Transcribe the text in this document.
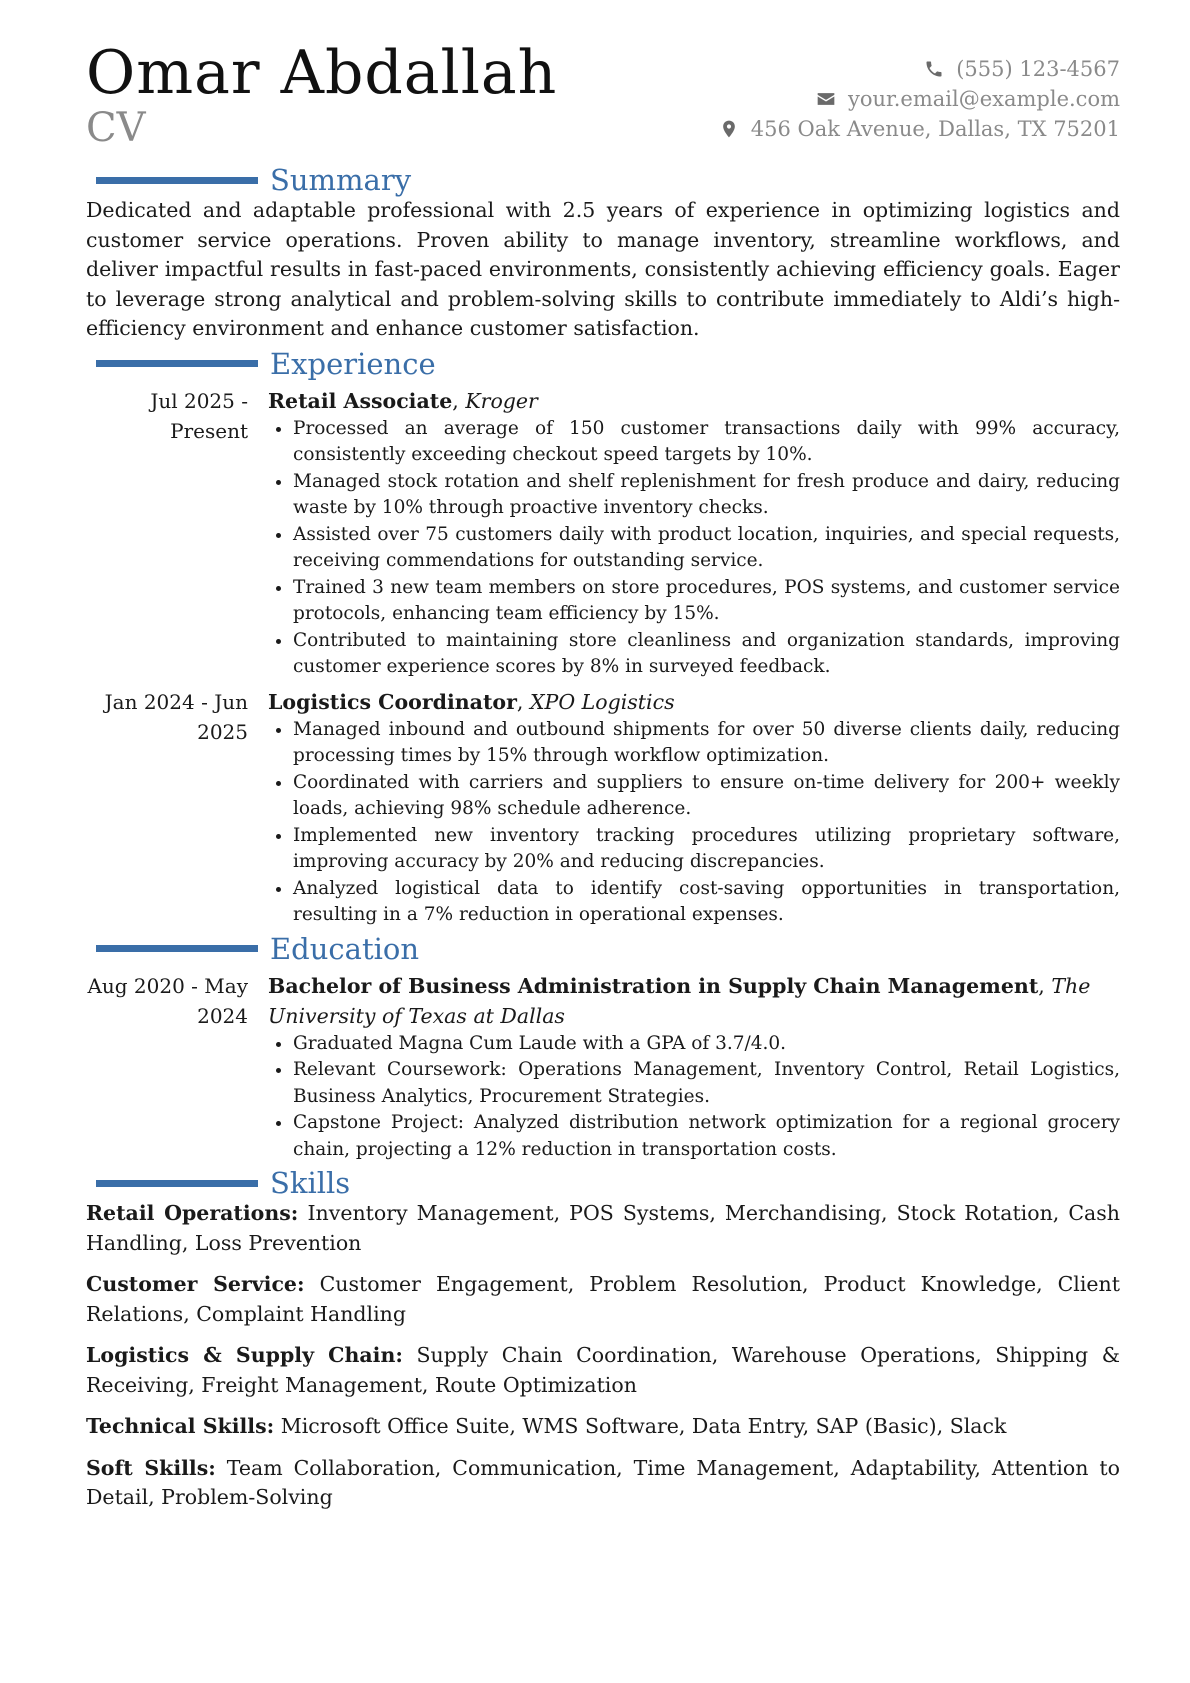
Omar Abdallah
CV
(555) 123-4567
your.email@example.com
456 Oak Avenue, Dallas, TX 75201
Summary

Dedicated and adaptable professional with 2.5 years of experience in optimizing logistics and customer service operations. Proven ability to manage inventory, streamline workflows, and deliver impactful results in fast-paced environments, consistently achieving efficiency goals. Eager to leverage strong analytical and problem-solving skills to contribute immediately to Aldi’s high-efficiency environment and enhance customer satisfaction.

Experience
Jul 2025 - Present
Retail Associate, Kroger
• Processed an average of 150 customer transactions daily with 99% accuracy, consistently exceeding checkout speed targets by 10%.
• Managed stock rotation and shelf replenishment for fresh produce and dairy, reducing waste by 10% through proactive inventory checks.
• Assisted over 75 customers daily with product location, inquiries, and special requests, receiving commendations for outstanding service.
• Trained 3 new team members on store procedures, POS systems, and customer service protocols, enhancing team efficiency by 15%.
• Contributed to maintaining store cleanliness and organization standards, improving customer experience scores by 8% in surveyed feedback.
Jan 2024 - Jun 2025
Logistics Coordinator, XPO Logistics
• Managed inbound and outbound shipments for over 50 diverse clients daily, reducing processing times by 15% through workflow optimization.
• Coordinated with carriers and suppliers to ensure on-time delivery for 200+ weekly loads, achieving 98% schedule adherence.
• Implemented new inventory tracking procedures utilizing proprietary software, improving accuracy by 20% and reducing discrepancies.
• Analyzed logistical data to identify cost-saving opportunities in transportation, resulting in a 7% reduction in operational expenses.
Education
Aug 2020 - May 2024
Bachelor of Business Administration in Supply Chain Management, The University of Texas at Dallas
• Graduated Magna Cum Laude with a GPA of 3.7/4.0.
• Relevant Coursework: Operations Management, Inventory Control, Retail Logistics, Business Analytics, Procurement Strategies.
• Capstone Project: Analyzed distribution network optimization for a regional grocery chain, projecting a 12% reduction in transportation costs.
Skills

Retail Operations: Inventory Management, POS Systems, Merchandising, Stock Rotation, Cash Handling, Loss Prevention

Customer Service: Customer Engagement, Problem Resolution, Product Knowledge, Client Relations, Complaint Handling

Logistics & Supply Chain: Supply Chain Coordination, Warehouse Operations, Shipping & Receiving, Freight Management, Route Optimization

Technical Skills: Microsoft Office Suite, WMS Software, Data Entry, SAP (Basic), Slack

Soft Skills: Team Collaboration, Communication, Time Management, Adaptability, Attention to Detail, Problem-Solving
